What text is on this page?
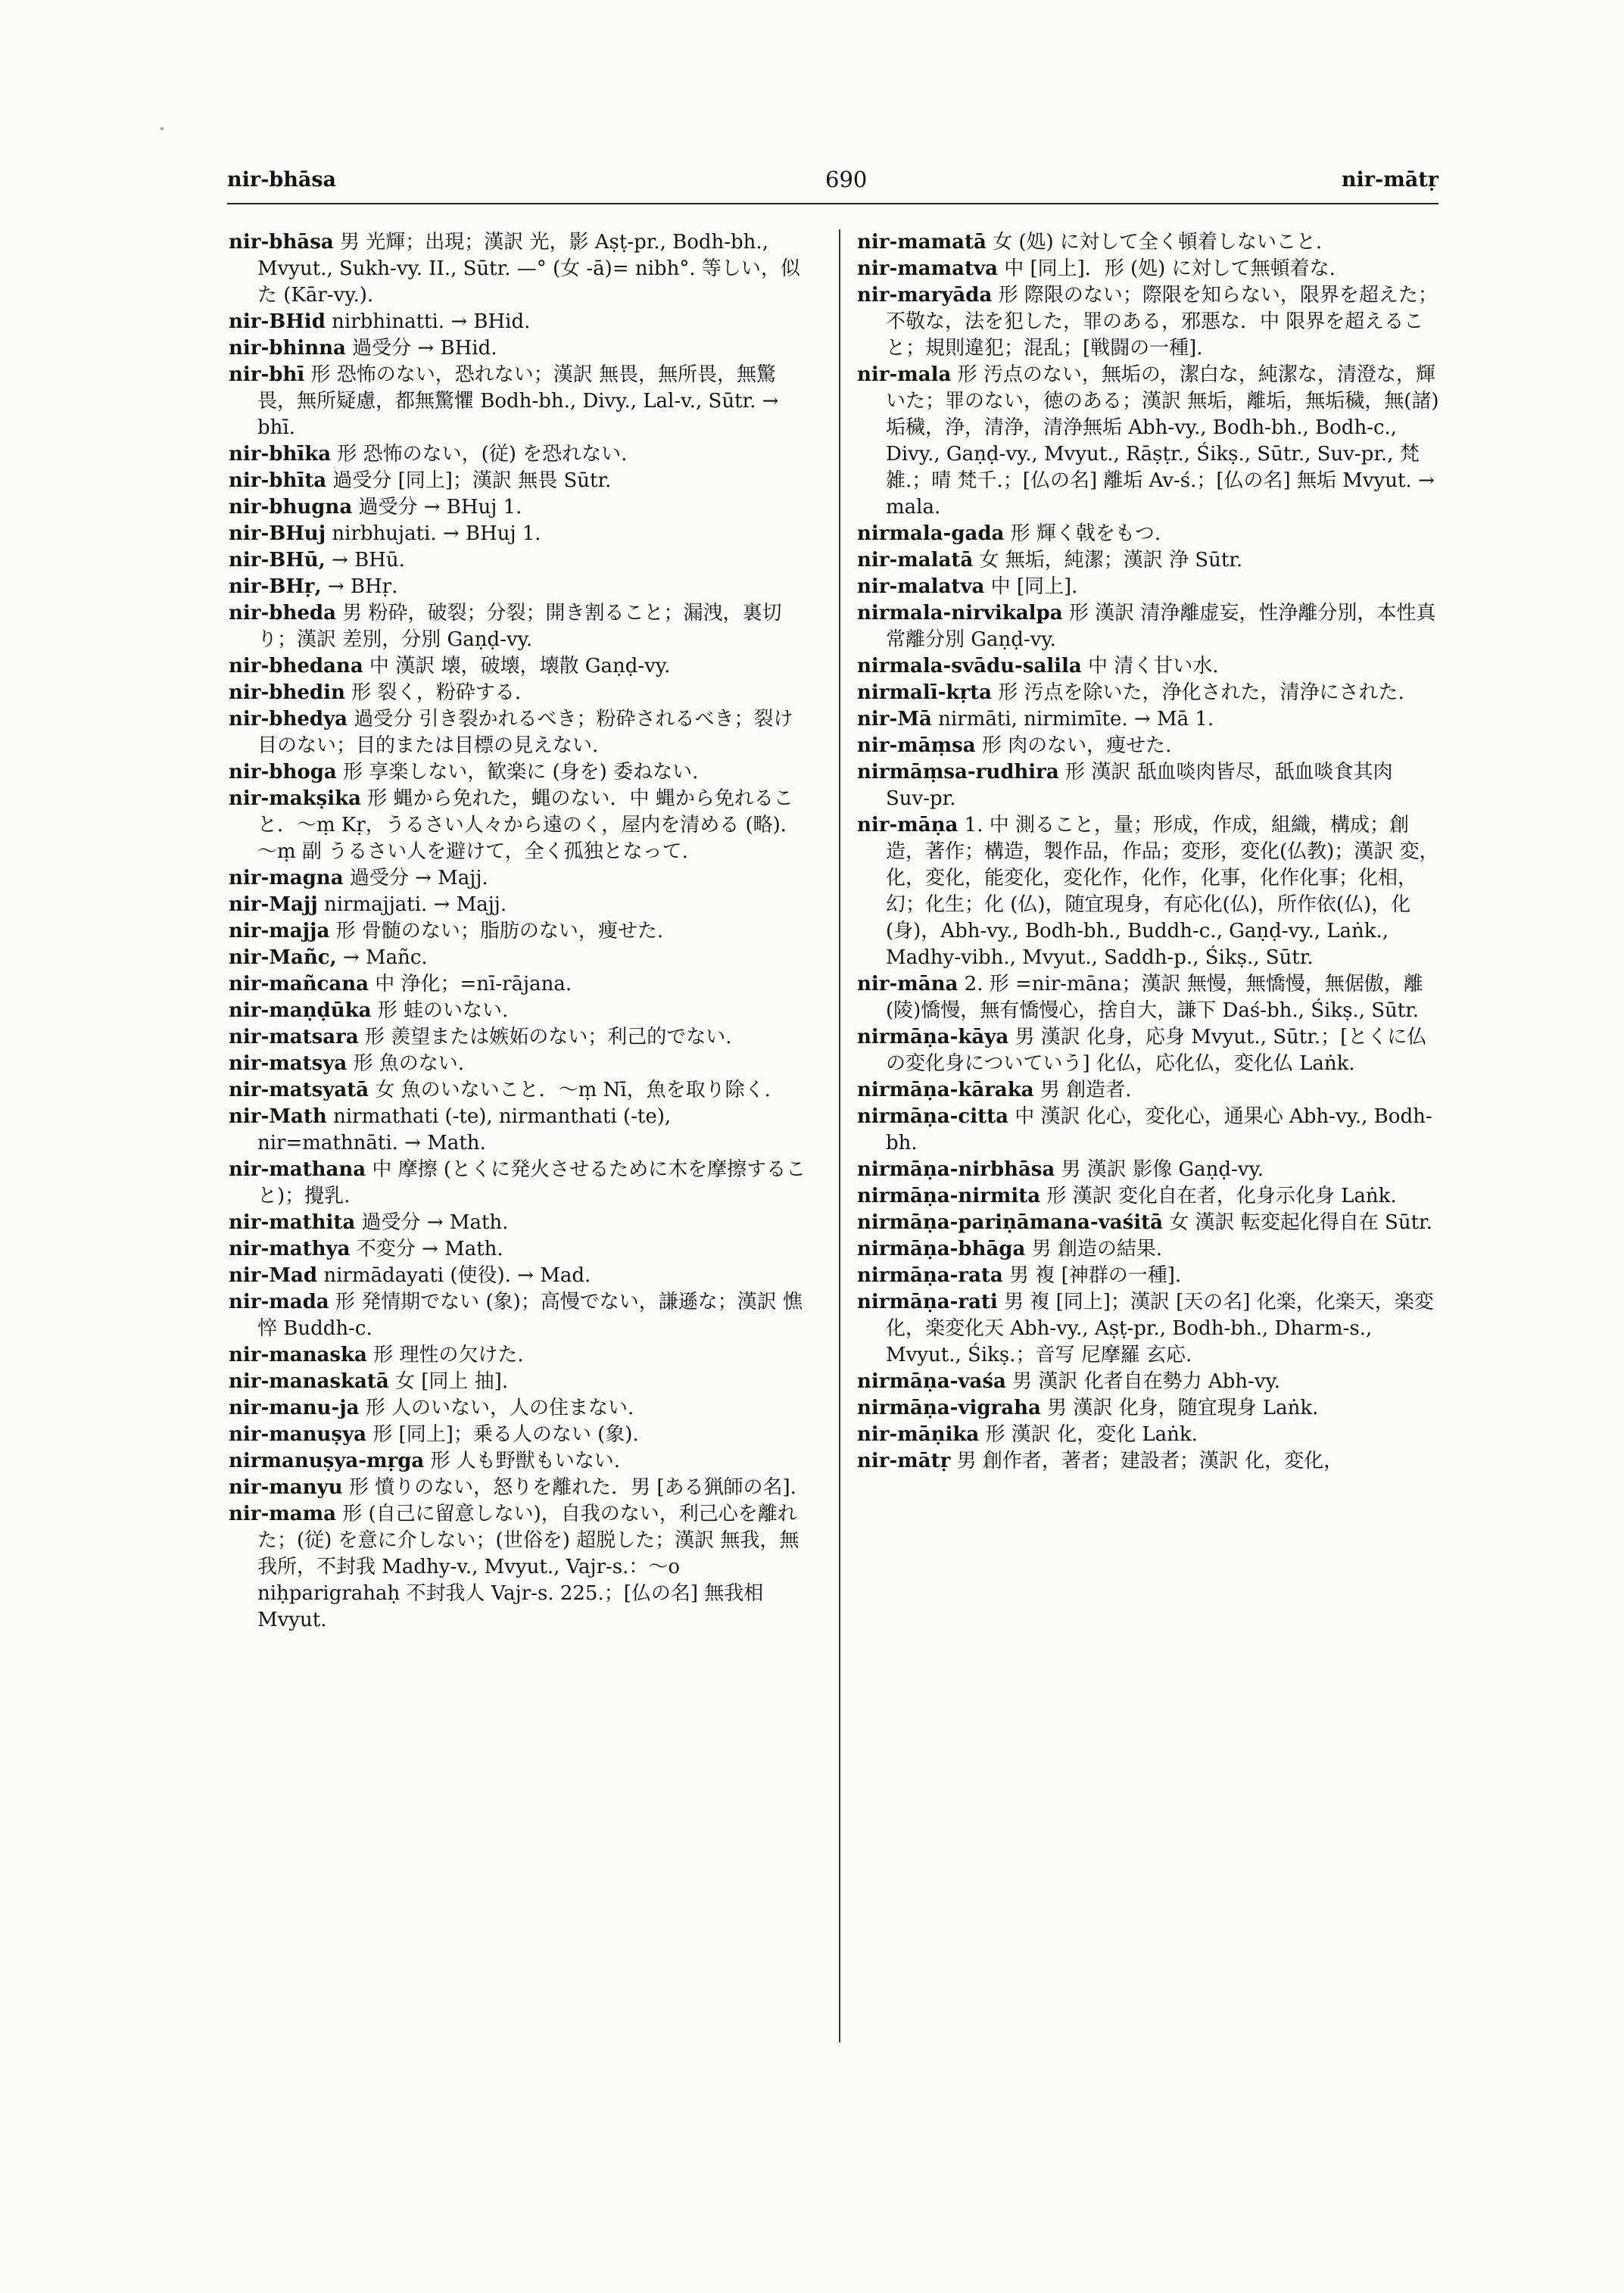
nir-bhāsa	690	nir-mātṛ

nir-bhāsa 男 光輝；出現；漢訳 光，影 Aṣṭ-pr., Bodh-bh., Mvyut., Sukh-vy. II., Sūtr. —° (女 -ā)= nibh°. 等しい，似た (Kār-vy.).

nir-BHid nirbhinatti. → BHid.

nir-bhinna 過受分 → BHid.

nir-bhī 形 恐怖のない，恐れない；漢訳 無畏，無所畏，無驚畏，無所疑慮，都無驚懼 Bodh-bh., Divy., Lal-v., Sūtr. → bhī.

nir-bhīka 形 恐怖のない，(従) を恐れない.

nir-bhīta 過受分 [同上]；漢訳 無畏 Sūtr.

nir-bhugna 過受分 → BHuj 1.

nir-BHuj nirbhujati. → BHuj 1.

nir-BHū, → BHū.

nir-BHṛ, → BHṛ.

nir-bheda 男 粉砕，破裂；分裂；開き割ること；漏洩，裏切り；漢訳 差別，分別 Gaṇḍ-vy.

nir-bhedana 中 漢訳 壊，破壊，壊散 Gaṇḍ-vy.

nir-bhedin 形 裂く，粉砕する.

nir-bhedya 過受分 引き裂かれるべき；粉砕されるべき；裂け目のない；目的または目標の見えない.

nir-bhoga 形 享楽しない，歓楽に (身を) 委ねない.

nir-makṣika 形 蝿から免れた，蝿のない．中 蝿から免れること．～ṃ Kṛ，うるさい人々から遠のく，屋内を清める (略)．～ṃ 副 うるさい人を避けて，全く孤独となって.

nir-magna 過受分 → Majj.

nir-Majj nirmajjati. → Majj.

nir-majja 形 骨髄のない；脂肪のない，痩せた.

nir-Mañc, → Mañc.

nir-mañcana 中 浄化；=nī-rājana.

nir-maṇḍūka 形 蛙のいない.

nir-matsara 形 羨望または嫉妬のない；利己的でない.

nir-matsya 形 魚のない.

nir-matsyatā 女 魚のいないこと．～ṃ Nī，魚を取り除く.

nir-Math nirmathati (-te), nirmanthati (-te), nir=mathnāti. → Math.

nir-mathana 中 摩擦 (とくに発火させるために木を摩擦すること)；攪乳.

nir-mathita 過受分 → Math.

nir-mathya 不変分 → Math.

nir-Mad nirmādayati (使役). → Mad.

nir-mada 形 発情期でない (象)；高慢でない，謙遜な；漢訳 憔悴 Buddh-c.

nir-manaska 形 理性の欠けた.

nir-manaskatā 女 [同上 抽].

nir-manu-ja 形 人のいない，人の住まない.

nir-manuṣya 形 [同上]；乗る人のない (象).

nirmanuṣya-mṛga 形 人も野獣もいない.

nir-manyu 形 憤りのない，怒りを離れた．男 [ある猟師の名].

nir-mama 形 (自己に留意しない)，自我のない，利己心を離れた；(従) を意に介しない；(世俗を) 超脱した；漢訳 無我，無我所，不封我 Madhy-v., Mvyut., Vajr-s.：～o niḥparigrahaḥ 不封我人 Vajr-s. 225.；[仏の名] 無我相 Mvyut.

nir-mamatā 女 (処) に対して全く頓着しないこと.

nir-mamatva 中 [同上]．形 (処) に対して無頓着な.

nir-maryāda 形 際限のない；際限を知らない，限界を超えた；不敬な，法を犯した，罪のある，邪悪な．中 限界を超えること；規則違犯；混乱；[戦闘の一種].

nir-mala 形 汚点のない，無垢の，潔白な，純潔な，清澄な，輝いた；罪のない，徳のある；漢訳 無垢，離垢，無垢穢，無(諸)垢穢，浄，清浄，清浄無垢 Abh-vy., Bodh-bh., Bodh-c., Divy., Gaṇḍ-vy., Mvyut., Rāṣṭr., Śikṣ., Sūtr., Suv-pr., 梵雑.；晴 梵千.；[仏の名] 離垢 Av-ś.；[仏の名] 無垢 Mvyut. → mala.

nirmala-gada 形 輝く戟をもつ.

nir-malatā 女 無垢，純潔；漢訳 浄 Sūtr.

nir-malatva 中 [同上].

nirmala-nirvikalpa 形 漢訳 清浄離虚妄，性浄離分別，本性真常離分別 Gaṇḍ-vy.

nirmala-svādu-salila 中 清く甘い水.

nirmalī-kṛta 形 汚点を除いた，浄化された，清浄にされた.

nir-Mā nirmāti, nirmimīte. → Mā 1.

nir-māṃsa 形 肉のない，痩せた.

nirmāṃsa-rudhira 形 漢訳 舐血啖肉皆尽，舐血啖食其肉 Suv-pr.

nir-māṇa 1. 中 測ること，量；形成，作成，組織，構成；創造，著作；構造，製作品，作品；変形，変化(仏教)；漢訳 変，化，変化，能変化，変化作，化作，化事，化作化事；化相，幻；化生；化 (仏)，随宜現身，有応化(仏)，所作依(仏)，化(身)，Abh-vy., Bodh-bh., Buddh-c., Gaṇḍ-vy., Laṅk., Madhy-vibh., Mvyut., Saddh-p., Śikṣ., Sūtr.

nir-māna 2. 形 =nir-māna；漢訳 無慢，無憍慢，無倨傲，離(陵)憍慢，無有憍慢心，捨自大，謙下 Daś-bh., Śikṣ., Sūtr.

nirmāṇa-kāya 男 漢訳 化身，応身 Mvyut., Sūtr.；[とくに仏の変化身についていう] 化仏，応化仏，変化仏 Laṅk.

nirmāṇa-kāraka 男 創造者.

nirmāṇa-citta 中 漢訳 化心，変化心，通果心 Abh-vy., Bodh-bh.

nirmāṇa-nirbhāsa 男 漢訳 影像 Gaṇḍ-vy.

nirmāṇa-nirmita 形 漢訳 変化自在者，化身示化身 Laṅk.

nirmāṇa-pariṇāmana-vaśitā 女 漢訳 転変起化得自在 Sūtr.

nirmāṇa-bhāga 男 創造の結果.

nirmāṇa-rata 男 複 [神群の一種].

nirmāṇa-rati 男 複 [同上]；漢訳 [天の名] 化楽，化楽天，楽変化，楽変化天 Abh-vy., Aṣṭ-pr., Bodh-bh., Dharm-s., Mvyut., Śikṣ.；音写 尼摩羅 玄応.

nirmāṇa-vaśa 男 漢訳 化者自在勢力 Abh-vy.

nirmāṇa-vigraha 男 漢訳 化身，随宜現身 Laṅk.

nir-māṇika 形 漢訳 化，変化 Laṅk.

nir-mātṛ 男 創作者，著者；建設者；漢訳 化，変化，
